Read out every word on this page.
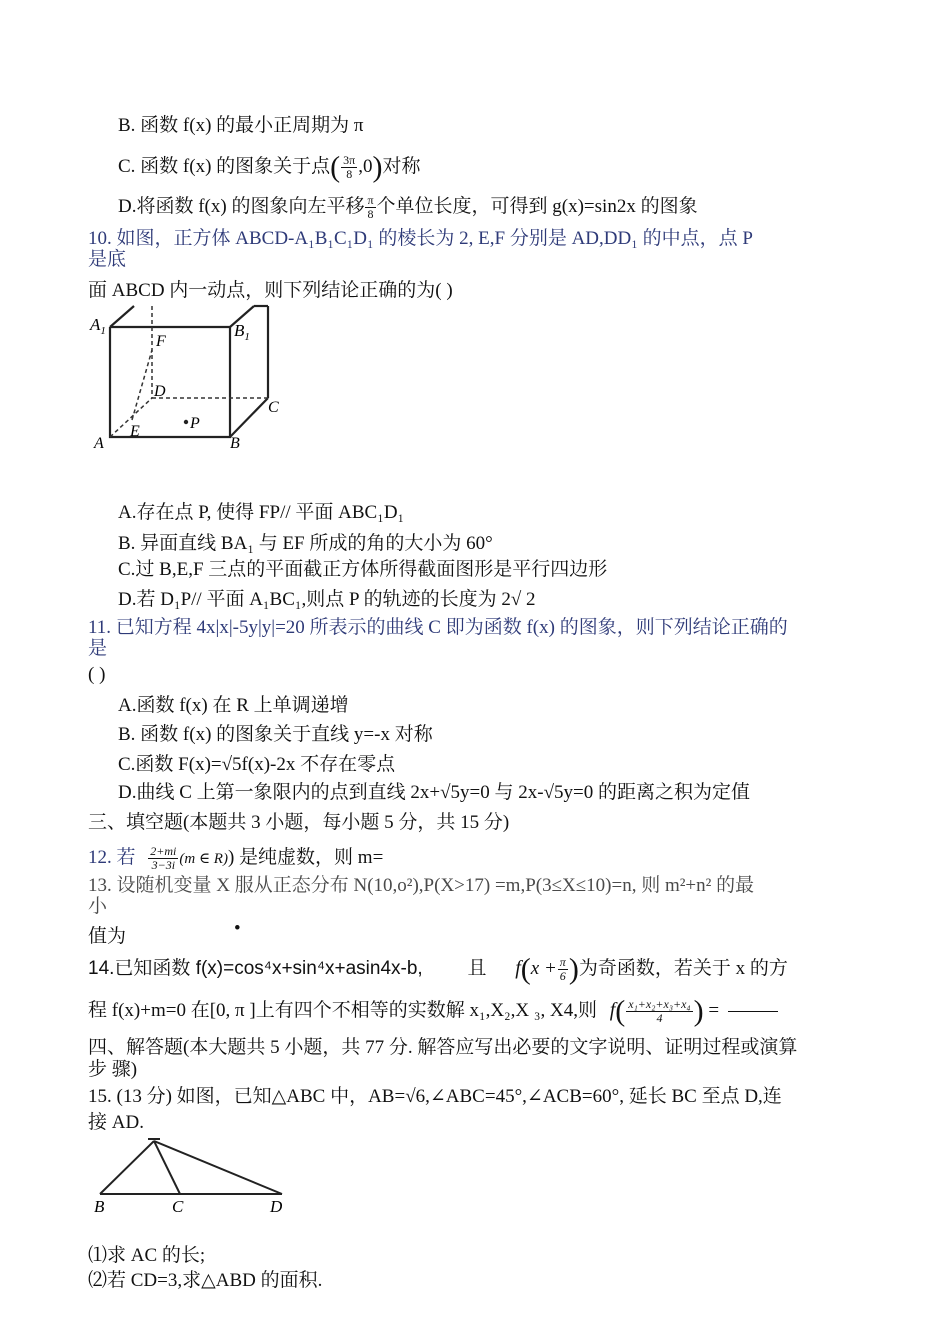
B. 函数 f(x) 的最小正周期为 π
C. 函数 f(x) 的图象关于点( $\frac{3\pi}{8} ,0$)对称
D.将函数 f(x) 的图象向左平移 $\frac{\pi}{8}$ 个单位长度，可得到 g(x)=sin2x 的图象
10. 如图，正方体 ABCD-A₁B₁C₁D₁ 的棱长为 2, E,F 分别是 AD,DD₁ 的中点，点 P
是底
面 ABCD 内一动点，则下列结论正确的为( )
$A_1$	$B_1$
F
D
C
E	P
A	B
A.存在点 P, 使得 FP// 平面 ABC₁D₁
B. 异面直线 BA₁ 与 EF 所成的角的大小为 60°
C.过 B,E,F 三点的平面截正方体所得截面图形是平行四边形
D.若 D₁P// 平面 A₁BC₁,则点 P 的轨迹的长度为 2√ 2
11. 已知方程 4x|x|-5y|y|=20 所表示的曲线 C 即为函数 f(x) 的图象，则下列结论正确的
是
( )
A.函数 f(x) 在 R 上单调递增
B. 函数 f(x) 的图象关于直线 y=-x 对称
C.函数 F(x)=√5f(x)-2x 不存在零点
D.曲线 C 上第一象限内的点到直线 2x+√5y=0 与 2x-√5y=0 的距离之积为定值
三、填空题(本题共 3 小题，每小题 5 分，共 15 分)
12. 若 $\frac{2+mi}{3-3i} (m$ ∈ R)) 是纯虚数，则 m=
13. 设随机变量 X 服从正态分布 N(10,o²),P(X>17) =m,P(3≤X≤10)=n, 则 m²+n² 的最
小
值为	•
14.已知函数 f(x)=cos⁴x+sin⁴x+asin4x-b, 且 $f(x + \frac{\pi}{6}$ )为奇函数，若关于 x 的方
程 f(x)+m=0 在[0, π ]上有四个不相等的实数解 x₁,X₂,X ₃, X4,则 $f( \frac{\text{x₁+x₂+x₃+x₄}}{4}$ ) =
四、解答题(本大题共 5 小题，共 77 分. 解答应写出必要的文字说明、证明过程或演算
步 骤)
15. (13 分) 如图，已知△ABC 中，AB=√6,∠ABC=45°,∠ACB=60°, 延长 BC 至点 D,连
接 AD.
B	C	D
⑴求 AC 的长;
⑵若 CD=3,求△ABD 的面积.
